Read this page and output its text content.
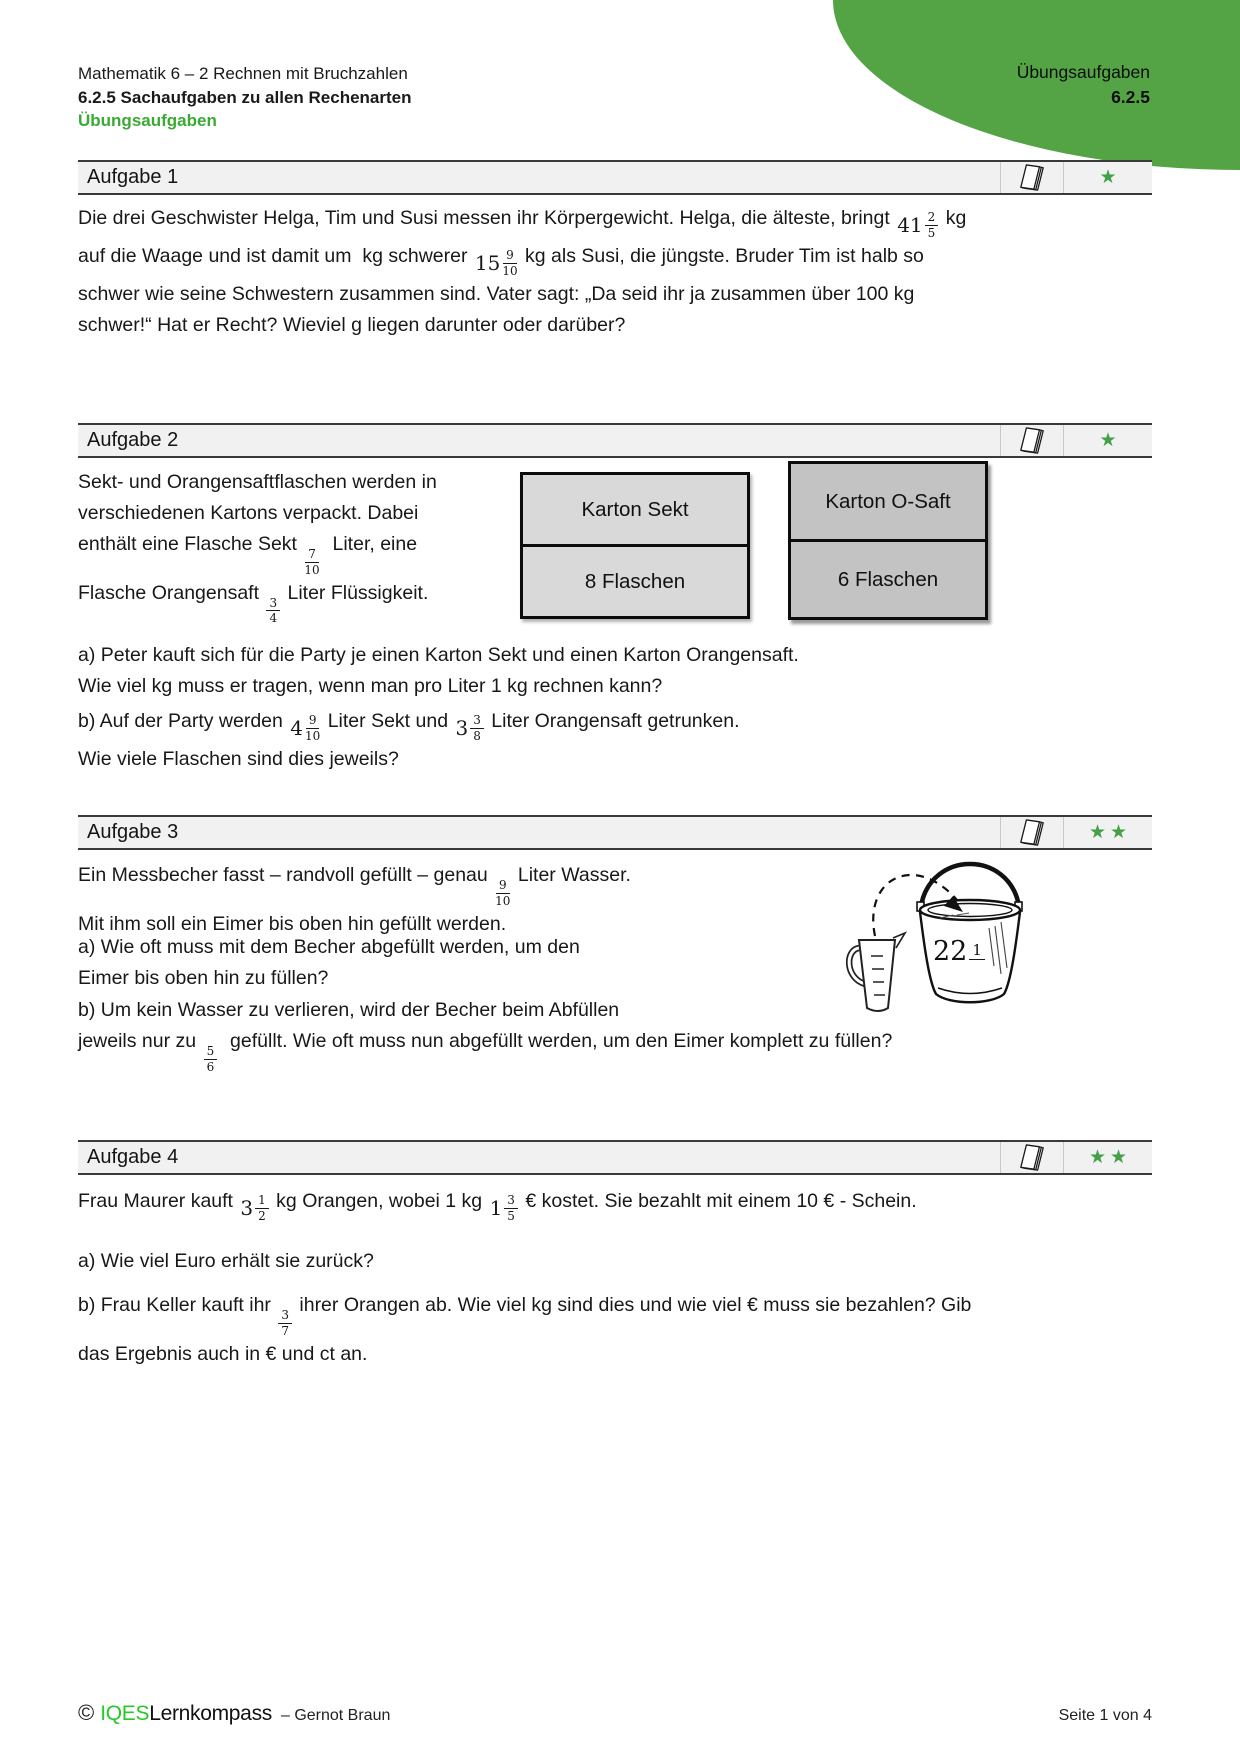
Übungsaufgaben
6.2.5
Mathematik 6 – 2 Rechnen mit Bruchzahlen
6.2.5 Sachaufgaben zu allen Rechenarten
Übungsaufgaben
Aufgabe 1	★
Die drei Geschwister Helga, Tim und Susi messen ihr Körpergewicht. Helga, die älteste, bringt $41 \frac{2}{5}$ kg
auf die Waage und ist damit um  kg schwerer $15 \frac{9}{10}$ kg als Susi, die jüngste. Bruder Tim ist halb so
schwer wie seine Schwestern zusammen sind. Vater sagt: „Da seid ihr ja zusammen über 100 kg
schwer!“ Hat er Recht? Wieviel g liegen darunter oder darüber?
Aufgabe 2	★
Sekt- und Orangensaftflaschen werden in
verschiedenen Kartons verpackt. Dabei
enthält eine Flasche Sekt
$\frac{7}{10}$
Liter, eine
Flasche Orangensaft
$\frac{3}{4}$
Liter Flüssigkeit.
Karton Sekt
8 Flaschen
Karton O-Saft
6 Flaschen
a) Peter kauft sich für die Party je einen Karton Sekt und einen Karton Orangensaft.
Wie viel kg muss er tragen, wenn man pro Liter 1 kg rechnen kann?
b) Auf der Party werden $4 \frac{9}{10}$ Liter Sekt und $3 \frac{3}{8}$ Liter Orangensaft getrunken.
Wie viele Flaschen sind dies jeweils?
Aufgabe 3	★★
Ein Messbecher fasst – randvoll gefüllt – genau
$\frac{9}{10}$
Liter Wasser.
Mit ihm soll ein Eimer bis oben hin gefüllt werden.
a) Wie oft muss mit dem Becher abgefüllt werden, um den
Eimer bis oben hin zu füllen?
b) Um kein Wasser zu verlieren, wird der Becher beim Abfüllen
jeweils nur zu
$\frac{5}{6}$
gefüllt. Wie oft muss nun abgefüllt werden, um den Eimer komplett zu füllen?
22 1
Aufgabe 4	★★
Frau Maurer kauft $3 \frac{1}{2}$ kg Orangen, wobei 1 kg $1 \frac{3}{5}$ € kostet. Sie bezahlt mit einem 10 € - Schein.
a) Wie viel Euro erhält sie zurück?
b) Frau Keller kauft ihr
$\frac{3}{7}$
ihrer Orangen ab. Wie viel kg sind dies und wie viel € muss sie bezahlen? Gib
das Ergebnis auch in € und ct an.
© IQES Lernkompass – Gernot Braun	Seite 1 von 4
